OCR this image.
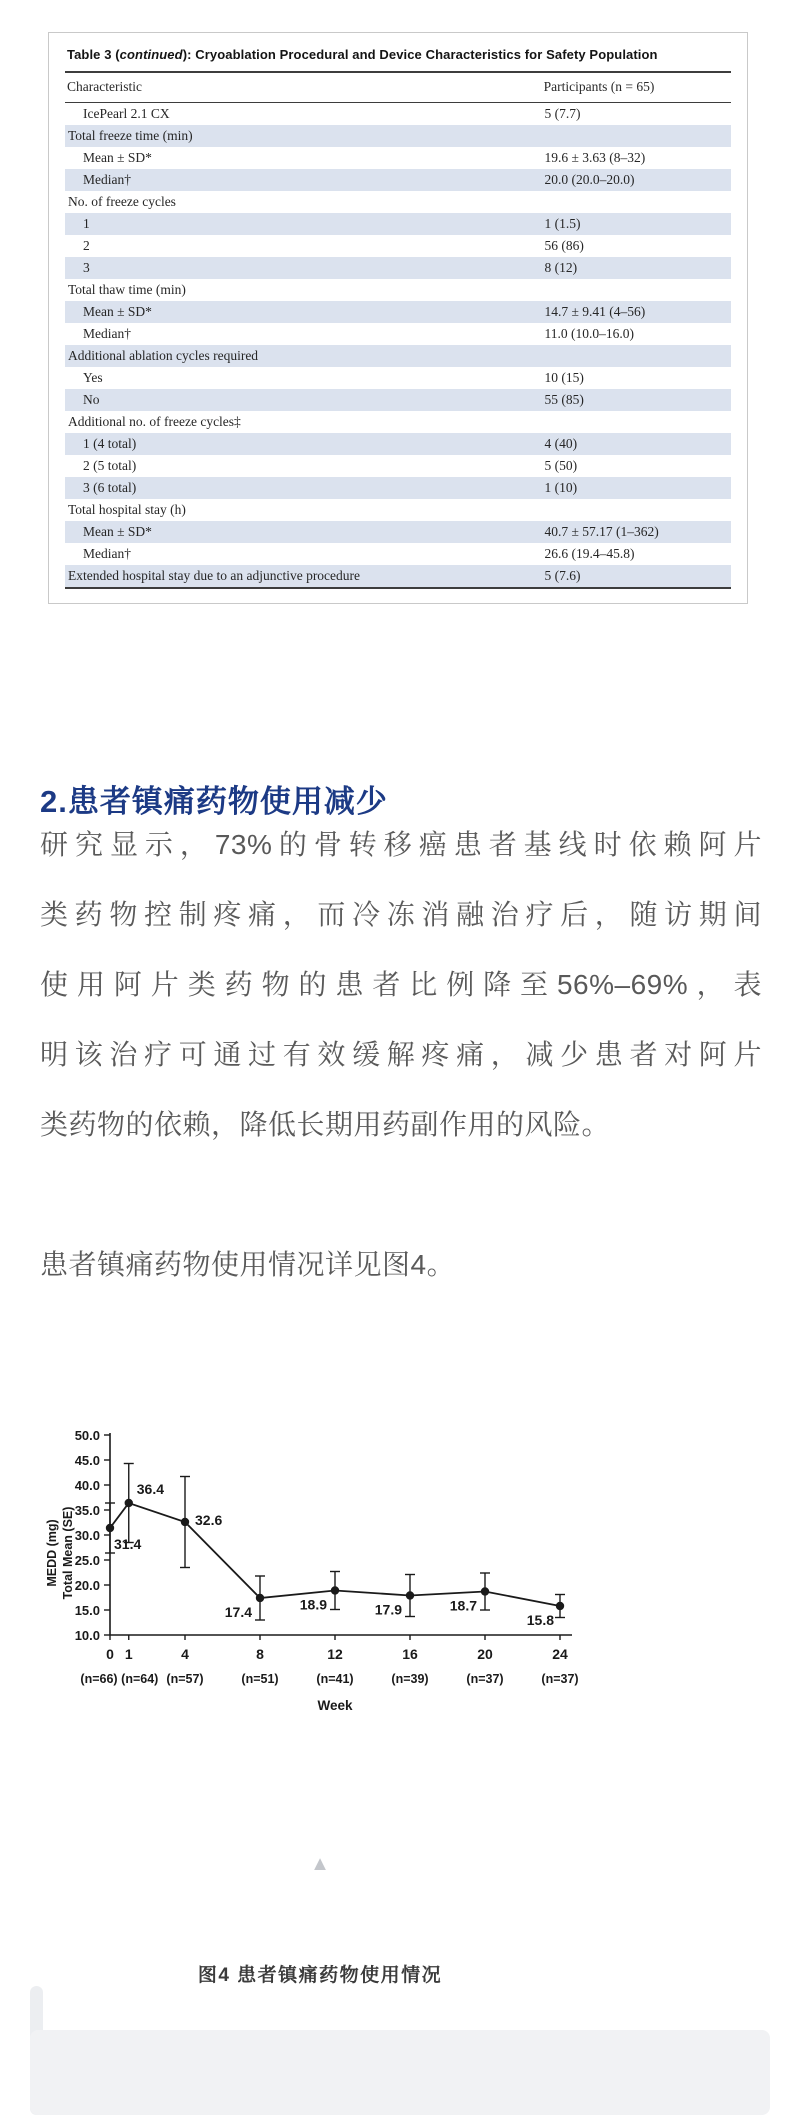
Table 3 (continued): Cryoablation Procedural and Device Characteristics for Safety Population
Characteristic	Participants (n = 65)
IcePearl 2.1 CX	5 (7.7)
Total freeze time (min)
Mean ± SD*	19.6 ± 3.63 (8–32)
Median†	20.0 (20.0–20.0)
No. of freeze cycles
1	1 (1.5)
2	56 (86)
3	8 (12)
Total thaw time (min)
Mean ± SD*	14.7 ± 9.41 (4–56)
Median†	11.0 (10.0–16.0)
Additional ablation cycles required
Yes	10 (15)
No	55 (85)
Additional no. of freeze cycles‡
1 (4 total)	4 (40)
2 (5 total)	5 (50)
3 (6 total)	1 (10)
Total hospital stay (h)
Mean ± SD*	40.7 ± 57.17 (1–362)
Median†	26.6 (19.4–45.8)
Extended hospital stay due to an adjunctive procedure	5 (7.6)
2.患者镇痛药物使用减少
研究显示，73%的骨转移癌患者基线时依赖阿片
类药物控制疼痛，而冷冻消融治疗后，随访期间
使用阿片类药物的患者比例降至56%–69%，表
明该治疗可通过有效缓解疼痛，减少患者对阿片
类药物的依赖，降低长期用药副作用的风险。
患者镇痛药物使用情况详见图4。
10.0
15.0
20.0
25.0
30.0
35.0
40.0
45.0
50.0
0
(n=66)
1
(n=64)
4
(n=57)
8
(n=51)
12
(n=41)
16
(n=39)
20
(n=37)
24
(n=37)
31.4
36.4
32.6
17.4	18.9	17.9	18.7
15.8
Week
MEDD (mg) Total Mean (SE)
▲
图4 患者镇痛药物使用情况
